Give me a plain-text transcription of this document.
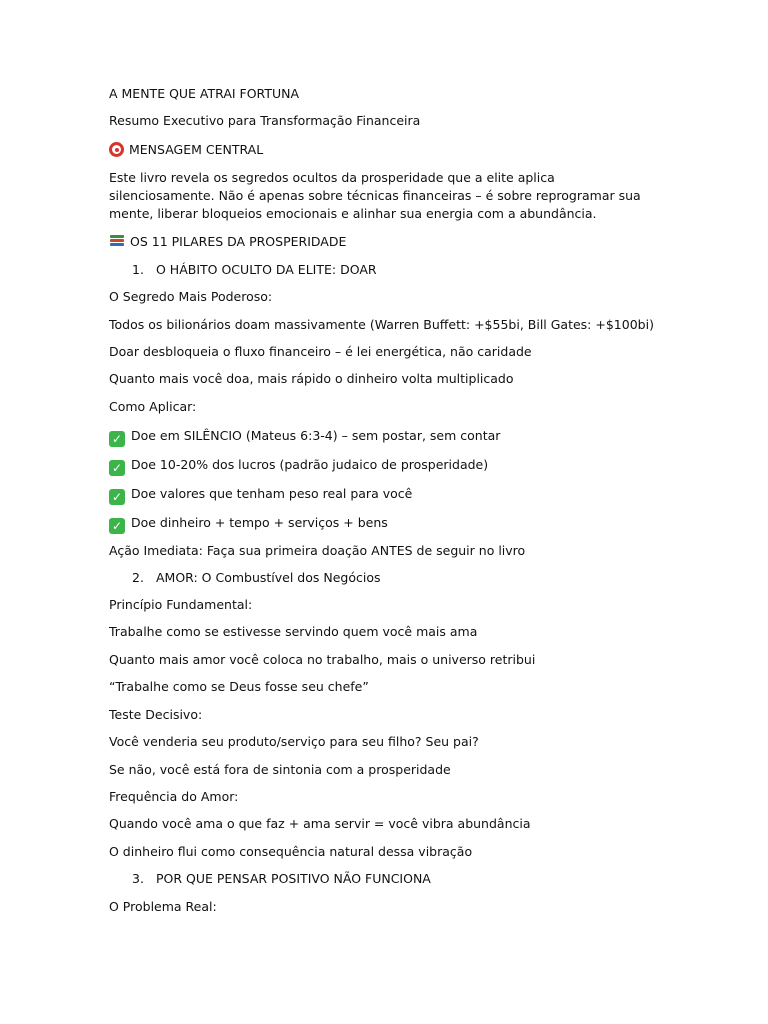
A MENTE QUE ATRAI FORTUNA
Resumo Executivo para Transformação Financeira
MENSAGEM CENTRAL
Este livro revela os segredos ocultos da prosperidade que a elite aplica silenciosamente. Não é apenas sobre técnicas financeiras – é sobre reprogramar sua mente, liberar bloqueios emocionais e alinhar sua energia com a abundância.
OS 11 PILARES DA PROSPERIDADE
1. O HÁBITO OCULTO DA ELITE: DOAR
O Segredo Mais Poderoso:
Todos os bilionários doam massivamente (Warren Buffett: +$55bi, Bill Gates: +$100bi)
Doar desbloqueia o fluxo financeiro – é lei energética, não caridade
Quanto mais você doa, mais rápido o dinheiro volta multiplicado
Como Aplicar:
✓ Doe em SILÊNCIO (Mateus 6:3-4) – sem postar, sem contar
✓ Doe 10-20% dos lucros (padrão judaico de prosperidade)
✓ Doe valores que tenham peso real para você
✓ Doe dinheiro + tempo + serviços + bens
Ação Imediata: Faça sua primeira doação ANTES de seguir no livro
2. AMOR: O Combustível dos Negócios
Princípio Fundamental:
Trabalhe como se estivesse servindo quem você mais ama
Quanto mais amor você coloca no trabalho, mais o universo retribui
“Trabalhe como se Deus fosse seu chefe”
Teste Decisivo:
Você venderia seu produto/serviço para seu filho? Seu pai?
Se não, você está fora de sintonia com a prosperidade
Frequência do Amor:
Quando você ama o que faz + ama servir = você vibra abundância
O dinheiro flui como consequência natural dessa vibração
3. POR QUE PENSAR POSITIVO NÃO FUNCIONA
O Problema Real:
